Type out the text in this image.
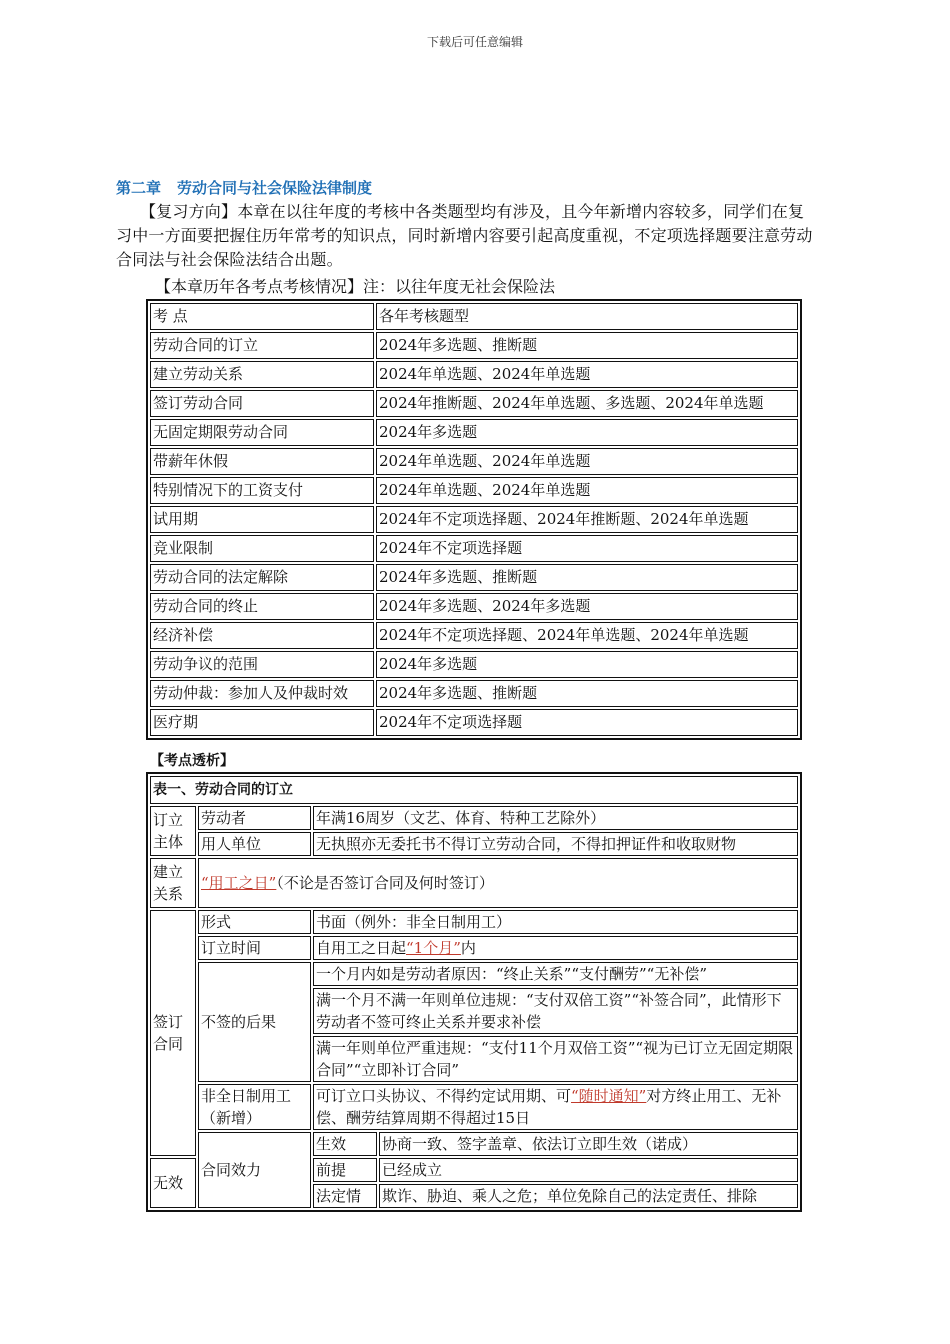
下载后可任意编辑
第二章 劳动合同与社会保险法律制度
【复习方向】本章在以往年度的考核中各类题型均有涉及，且今年新增内容较多，同学们在复习中一方面要把握住历年常考的知识点，同时新增内容要引起高度重视，不定项选择题要注意劳动合同法与社会保险法结合出题。
【本章历年各考点考核情况】注：以往年度无社会保险法
考 点	各年考核题型
劳动合同的订立	2024年多选题、推断题
建立劳动关系	2024年单选题、2024年单选题
签订劳动合同	2024年推断题、2024年单选题、多选题、2024年单选题
无固定期限劳动合同	2024年多选题
带薪年休假	2024年单选题、2024年单选题
特别情况下的工资支付	2024年单选题、2024年单选题
试用期	2024年不定项选择题、2024年推断题、2024年单选题
竞业限制	2024年不定项选择题
劳动合同的法定解除	2024年多选题、推断题
劳动合同的终止	2024年多选题、2024年多选题
经济补偿	2024年不定项选择题、2024年单选题、2024年单选题
劳动争议的范围	2024年多选题
劳动仲裁：参加人及仲裁时效	2024年多选题、推断题
医疗期	2024年不定项选择题
【考点透析】
表一、劳动合同的订立			
订立主体	劳动者	年满16周岁（文艺、体育、特种工艺除外）	
	用人单位	无执照亦无委托书不得订立劳动合同，不得扣押证件和收取财物	
建立关系	“用工之日”（不论是否签订合同及何时签订）		
签订合同	形式	书面（例外：非全日制用工）	
	订立时间	自用工之日起“1个月”内	
	不签的后果	一个月内如是劳动者原因：“终止关系”“支付酬劳”“无补偿”	
		满一个月不满一年则单位违规：“支付双倍工资”“补签合同”，此情形下劳动者不签可终止关系并要求补偿	
		满一年则单位严重违规：“支付11个月双倍工资”“视为已订立无固定期限合同”“立即补订合同”	
	非全日制用工（新增）	可订立口头协议、不得约定试用期、可“随时通知”对方终止用工、无补偿、酬劳结算周期不得超过15日	
	合同效力	生效	协商一致、签字盖章、依法订立即生效（诺成）
无效		前提	已经成立
		法定情	欺诈、胁迫、乘人之危；单位免除自己的法定责任、排除
